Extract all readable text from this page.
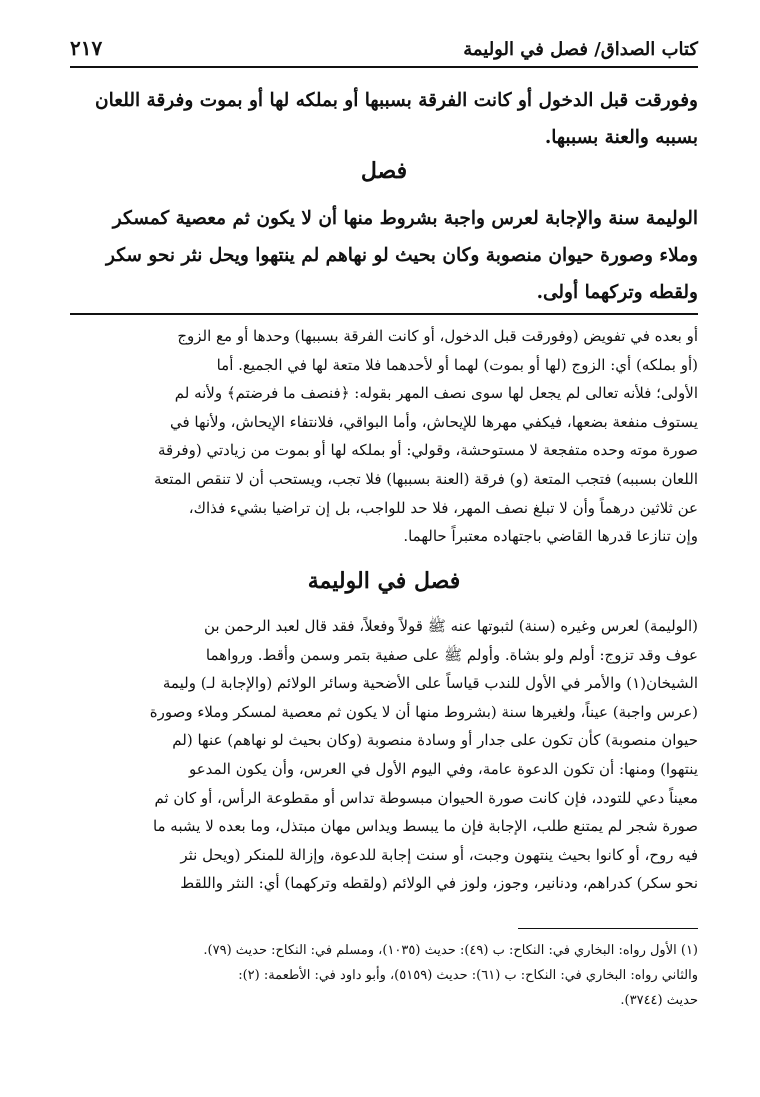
٢١٧	كتاب الصداق/ فصل في الوليمة

وفورقت قبل الدخول أو كانت الفرقة بسببها أو بملكه لها أو بموت وفرقة اللعان

بسببه والعنة بسببها.

فصل

الوليمة سنة والإجابة لعرس واجبة بشروط منها أن لا يكون ثم معصية كمسكر

وملاء وصورة حيوان منصوبة وكان بحيث لو نهاهم لم ينتهوا ويحل نثر نحو سكر

ولقطه وتركهما أولى.

أو بعده في تفويض (وفورقت قبل الدخول، أو كانت الفرقة بسببها) وحدها أو مع الزوج

(أو بملكه) أي: الزوج (لها أو بموت) لهما أو لأحدهما فلا متعة لها في الجميع. أما

الأولى؛ فلأنه تعالى لم يجعل لها سوى نصف المهر بقوله: ﴿فنصف ما فرضتم﴾ ولأنه لم

يستوف منفعة بضعها، فيكفي مهرها للإيحاش، وأما البواقي، فلانتفاء الإيحاش، ولأنها في

صورة موته وحده متفجعة لا مستوحشة، وقولي: أو بملكه لها أو بموت من زيادتي (وفرقة

اللعان بسببه) فتجب المتعة (و) فرقة (العنة بسببها) فلا تجب، ويستحب أن لا تنقص المتعة

عن ثلاثين درهماً وأن لا تبلغ نصف المهر، فلا حد للواجب، بل إن تراضيا بشيء فذاك،

وإن تنازعا قدرها القاضي باجتهاده معتبراً حالهما.

فصل في الوليمة

(الوليمة) لعرس وغيره (سنة) لثبوتها عنه ﷺ قولاً وفعلاً، فقد قال لعبد الرحمن بن

عوف وقد تزوج: أولم ولو بشاة. وأولم ﷺ على صفية بتمر وسمن وأقط. ورواهما

الشيخان(١) والأمر في الأول للندب قياساً على الأضحية وسائر الولائم (والإجابة لـ) وليمة

(عرس واجبة) عيناً، ولغيرها سنة (بشروط منها أن لا يكون ثم معصية لمسكر وملاء وصورة

حيوان منصوبة) كأن تكون على جدار أو وسادة منصوبة (وكان بحيث لو نهاهم) عنها (لم

ينتهوا) ومنها: أن تكون الدعوة عامة، وفي اليوم الأول في العرس، وأن يكون المدعو

معيناً دعي للتودد، فإن كانت صورة الحيوان مبسوطة تداس أو مقطوعة الرأس، أو كان ثم

صورة شجر لم يمتنع طلب، الإجابة فإن ما يبسط ويداس مهان مبتذل، وما بعده لا يشبه ما

فيه روح، أو كانوا بحيث ينتهون وجبت، أو سنت إجابة للدعوة، وإزالة للمنكر (ويحل نثر

نحو سكر) كدراهم، ودنانير، وجوز، ولوز في الولائم (ولقطه وتركهما) أي: النثر واللقط

(١) الأول رواه: البخاري في: النكاح: ب (٤٩): حديث (١٠٣٥)، ومسلم في: النكاح: حديث (٧٩).

والثاني رواه: البخاري في: النكاح: ب (٦١): حديث (٥١٥٩)، وأبو داود في: الأطعمة: (٢):

حديث (٣٧٤٤).
